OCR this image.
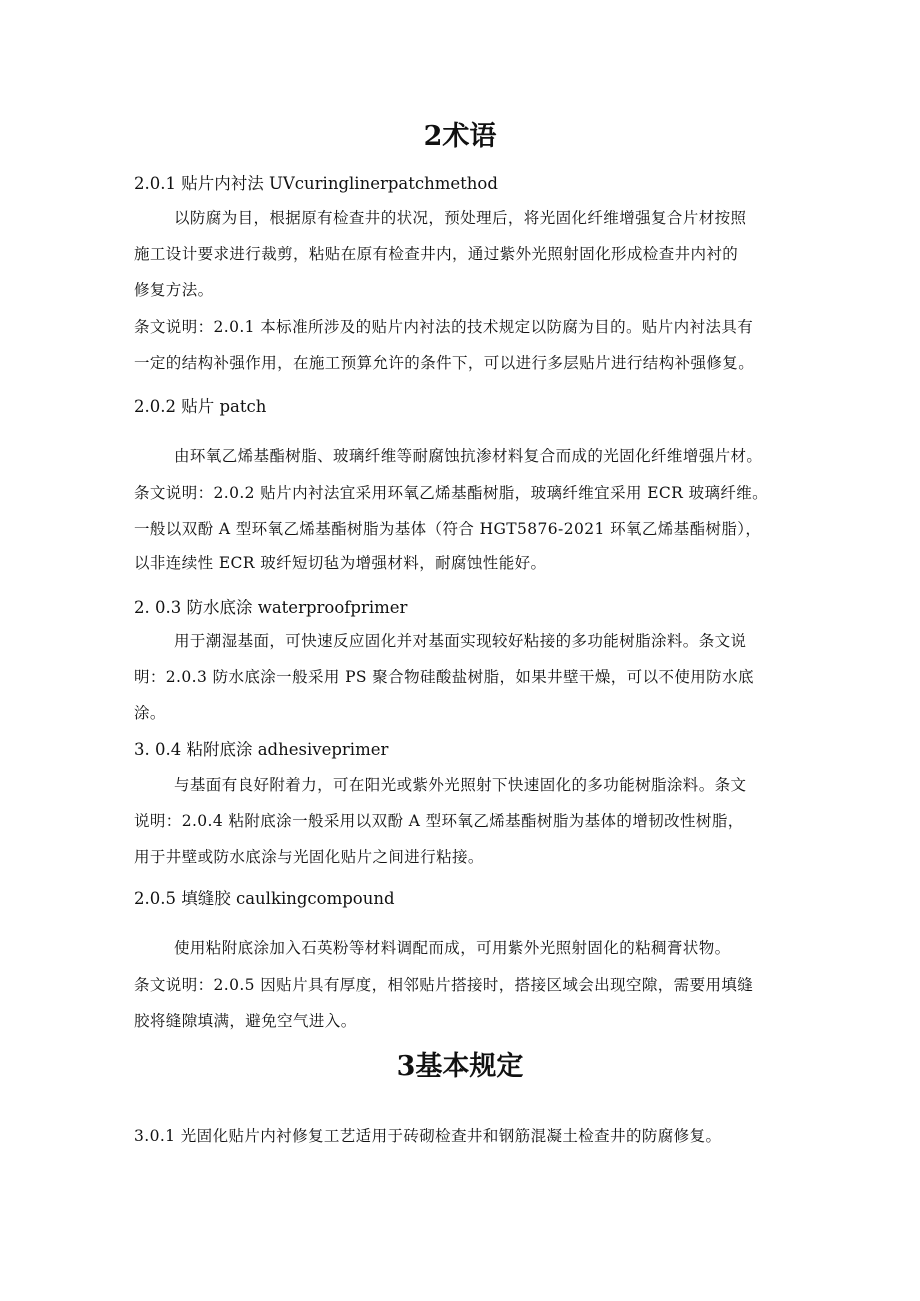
2术语
2.0.1 贴片内衬法 UVcuringlinerpatchmethod
以防腐为目，根据原有检查井的状况，预处理后，将光固化纤维增强复合片材按照
施工设计要求进行裁剪，粘贴在原有检查井内，通过紫外光照射固化形成检查井内衬的
修复方法。
条文说明：2.0.1 本标准所涉及的贴片内衬法的技术规定以防腐为目的。贴片内衬法具有
一定的结构补强作用，在施工预算允许的条件下，可以进行多层贴片进行结构补强修复。
2.0.2 贴片 patch
由环氧乙烯基酯树脂、玻璃纤维等耐腐蚀抗渗材料复合而成的光固化纤维增强片材。
条文说明：2.0.2 贴片内衬法宜采用环氧乙烯基酯树脂，玻璃纤维宜采用 ECR 玻璃纤维。
一般以双酚 A 型环氧乙烯基酯树脂为基体（符合 HGT5876-2021 环氧乙烯基酯树脂），
以非连续性 ECR 玻纤短切毡为增强材料，耐腐蚀性能好。
2. 0.3 防水底涂 waterproofprimer
用于潮湿基面，可快速反应固化并对基面实现较好粘接的多功能树脂涂料。条文说
明：2.0.3 防水底涂一般采用 PS 聚合物硅酸盐树脂，如果井壁干燥，可以不使用防水底
涂。
3. 0.4 粘附底涂 adhesiveprimer
与基面有良好附着力，可在阳光或紫外光照射下快速固化的多功能树脂涂料。条文
说明：2.0.4 粘附底涂一般采用以双酚 A 型环氧乙烯基酯树脂为基体的增韧改性树脂，
用于井壁或防水底涂与光固化贴片之间进行粘接。
2.0.5 填缝胶 caulkingcompound
使用粘附底涂加入石英粉等材料调配而成，可用紫外光照射固化的粘稠膏状物。
条文说明：2.0.5 因贴片具有厚度，相邻贴片搭接时，搭接区域会出现空隙，需要用填缝
胶将缝隙填满，避免空气进入。
3基本规定
3.0.1 光固化贴片内衬修复工艺适用于砖砌检查井和钢筋混凝土检查井的防腐修复。
